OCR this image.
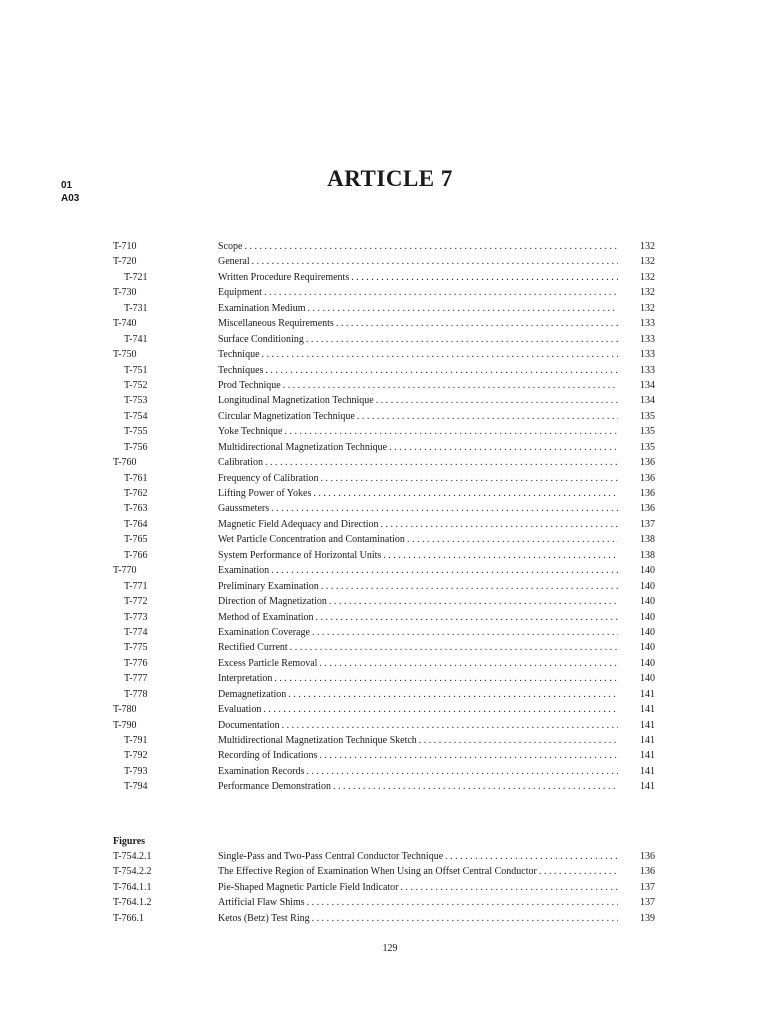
01
A03
ARTICLE 7
T-710	Scope . . .	132
T-720	General . . .	132
T-721	Written Procedure Requirements . . .	132
T-730	Equipment . . .	132
T-731	Examination Medium . . .	132
T-740	Miscellaneous Requirements . . .	133
T-741	Surface Conditioning . . .	133
T-750	Technique . . .	133
T-751	Techniques . . .	133
T-752	Prod Technique . . .	134
T-753	Longitudinal Magnetization Technique . . .	134
T-754	Circular Magnetization Technique . . .	135
T-755	Yoke Technique . . .	135
T-756	Multidirectional Magnetization Technique . . .	135
T-760	Calibration . . .	136
T-761	Frequency of Calibration . . .	136
T-762	Lifting Power of Yokes . . .	136
T-763	Gaussmeters . . .	136
T-764	Magnetic Field Adequacy and Direction . . .	137
T-765	Wet Particle Concentration and Contamination . . .	138
T-766	System Performance of Horizontal Units . . .	138
T-770	Examination . . .	140
T-771	Preliminary Examination . . .	140
T-772	Direction of Magnetization . . .	140
T-773	Method of Examination . . .	140
T-774	Examination Coverage . . .	140
T-775	Rectified Current . . .	140
T-776	Excess Particle Removal . . .	140
T-777	Interpretation . . .	140
T-778	Demagnetization . . .	141
T-780	Evaluation . . .	141
T-790	Documentation . . .	141
T-791	Multidirectional Magnetization Technique Sketch . . .	141
T-792	Recording of Indications . . .	141
T-793	Examination Records . . .	141
T-794	Performance Demonstration . . .	141
Figures
T-754.2.1	Single-Pass and Two-Pass Central Conductor Technique . . .	136
T-754.2.2	The Effective Region of Examination When Using an Offset Central Conductor . . .	136
T-764.1.1	Pie-Shaped Magnetic Particle Field Indicator . . .	137
T-764.1.2	Artificial Flaw Shims . . .	137
T-766.1	Ketos (Betz) Test Ring . . .	139
129
